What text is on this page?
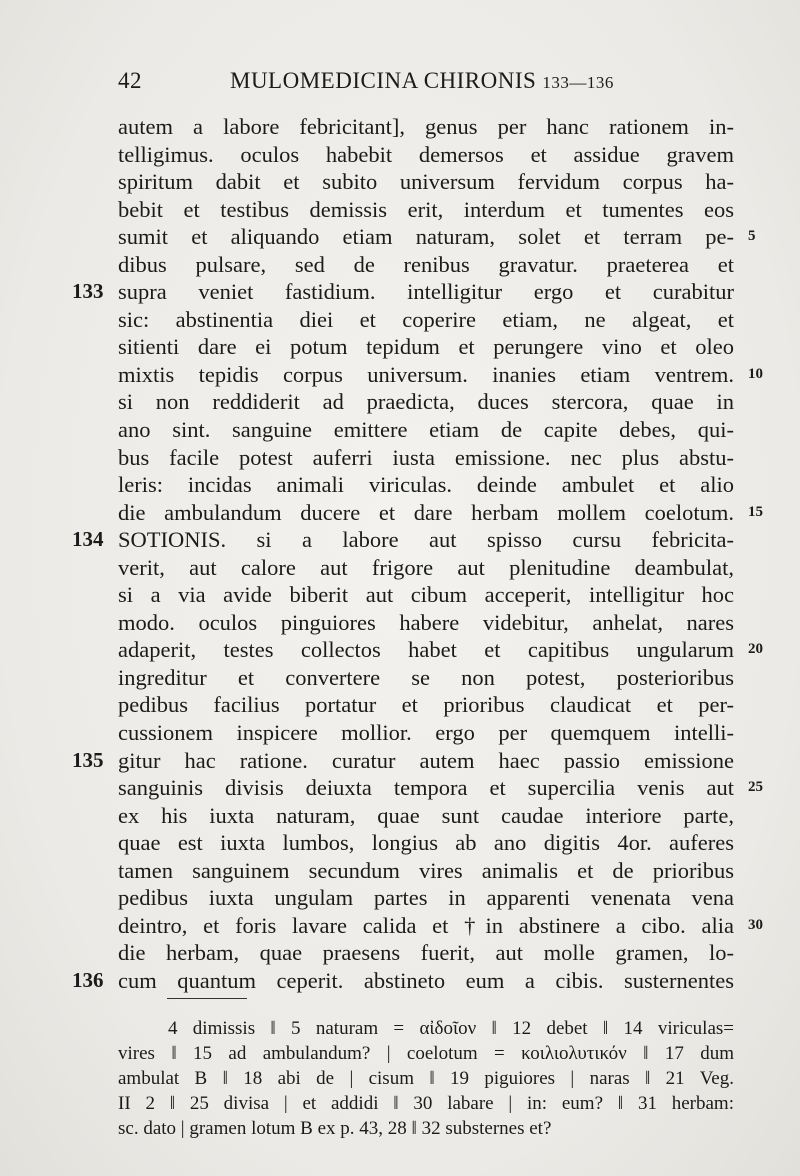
42	MULOMEDICINA CHIRONIS 133—136
autem a labore febricitant], genus per hanc rationem in-
telligimus. oculos habebit demersos et assidue gravem
spiritum dabit et subito universum fervidum corpus ha-
bebit et testibus demissis erit, interdum et tumentes eos
sumit et aliquando etiam naturam, solet et terram pe- 5
dibus pulsare, sed de renibus gravatur. praeterea et
133 supra veniet fastidium. intelligitur ergo et curabitur
sic: abstinentia diei et coperire etiam, ne algeat, et
sitienti dare ei potum tepidum et perungere vino et oleo
mixtis tepidis corpus universum. inanies etiam ventrem. 10
si non reddiderit ad praedicta, duces stercora, quae in
ano sint. sanguine emittere etiam de capite debes, qui-
bus facile potest auferri iusta emissione. nec plus abstu-
leris: incidas animali viriculas. deinde ambulet et alio
die ambulandum ducere et dare herbam mollem coelotum. 15
134 SOTIONIS. si a labore aut spisso cursu febricita-
verit, aut calore aut frigore aut plenitudine deambulat,
si a via avide biberit aut cibum acceperit, intelligitur hoc
modo. oculos pinguiores habere videbitur, anhelat, nares
adaperit, testes collectos habet et capitibus ungularum 20
ingreditur et convertere se non potest, posterioribus
pedibus facilius portatur et prioribus claudicat et per-
cussionem inspicere mollior. ergo per quemquem intelli-
135 gitur hac ratione. curatur autem haec passio emissione
sanguinis divisis deiuxta tempora et supercilia venis aut 25
ex his iuxta naturam, quae sunt caudae interiore parte,
quae est iuxta lumbos, longius ab ano digitis 4or. auferes
tamen sanguinem secundum vires animalis et de prioribus
pedibus iuxta ungulam partes in apparenti venenata vena
deintro, et foris lavare calida et †in abstinere a cibo. alia 30
die herbam, quae praesens fuerit, aut molle gramen, lo-
136 cum quantum ceperit. abstineto eum a cibis. susternentes
4 dimissis ‖ 5 naturam = αἰδοῖον ‖ 12 debet ‖ 14 viriculas=
vires ‖ 15 ad ambulandum? | coelotum = κοιλιολυτικόν ‖ 17 dum
ambulat B ‖ 18 abi de | cisum ‖ 19 piguiores | naras ‖ 21 Veg.
II 2 ‖ 25 divisa | et addidi ‖ 30 labare | in: eum? ‖ 31 herbam:
sc. dato | gramen lotum B ex p. 43, 28 ‖ 32 substernes et?
